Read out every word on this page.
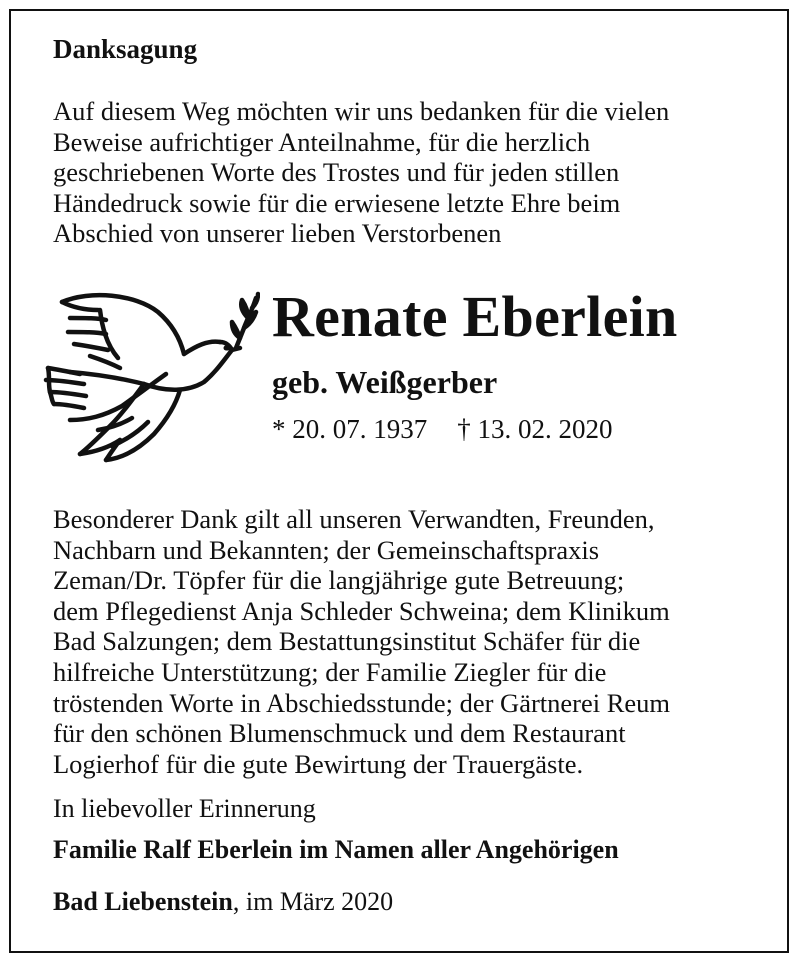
Danksagung

Auf diesem Weg möchten wir uns bedanken für die vielen
Beweise aufrichtiger Anteilnahme, für die herzlich
geschriebenen Worte des Trostes und für jeden stillen
Händedruck sowie für die erwiesene letzte Ehre beim
Abschied von unserer lieben Verstorbenen

Renate Eberlein
geb. Weißgerber
* 20. 07. 1937 † 13. 02. 2020

Besonderer Dank gilt all unseren Verwandten, Freunden,
Nachbarn und Bekannten; der Gemeinschaftspraxis
Zeman/Dr. Töpfer für die langjährige gute Betreuung;
dem Pflegedienst Anja Schleder Schweina; dem Klinikum
Bad Salzungen; dem Bestattungsinstitut Schäfer für die
hilfreiche Unterstützung; der Familie Ziegler für die
tröstenden Worte in Abschiedsstunde; der Gärtnerei Reum
für den schönen Blumenschmuck und dem Restaurant
Logierhof für die gute Bewirtung der Trauergäste.

In liebevoller Erinnerung
Familie Ralf Eberlein im Namen aller Angehörigen
Bad Liebenstein, im März 2020
